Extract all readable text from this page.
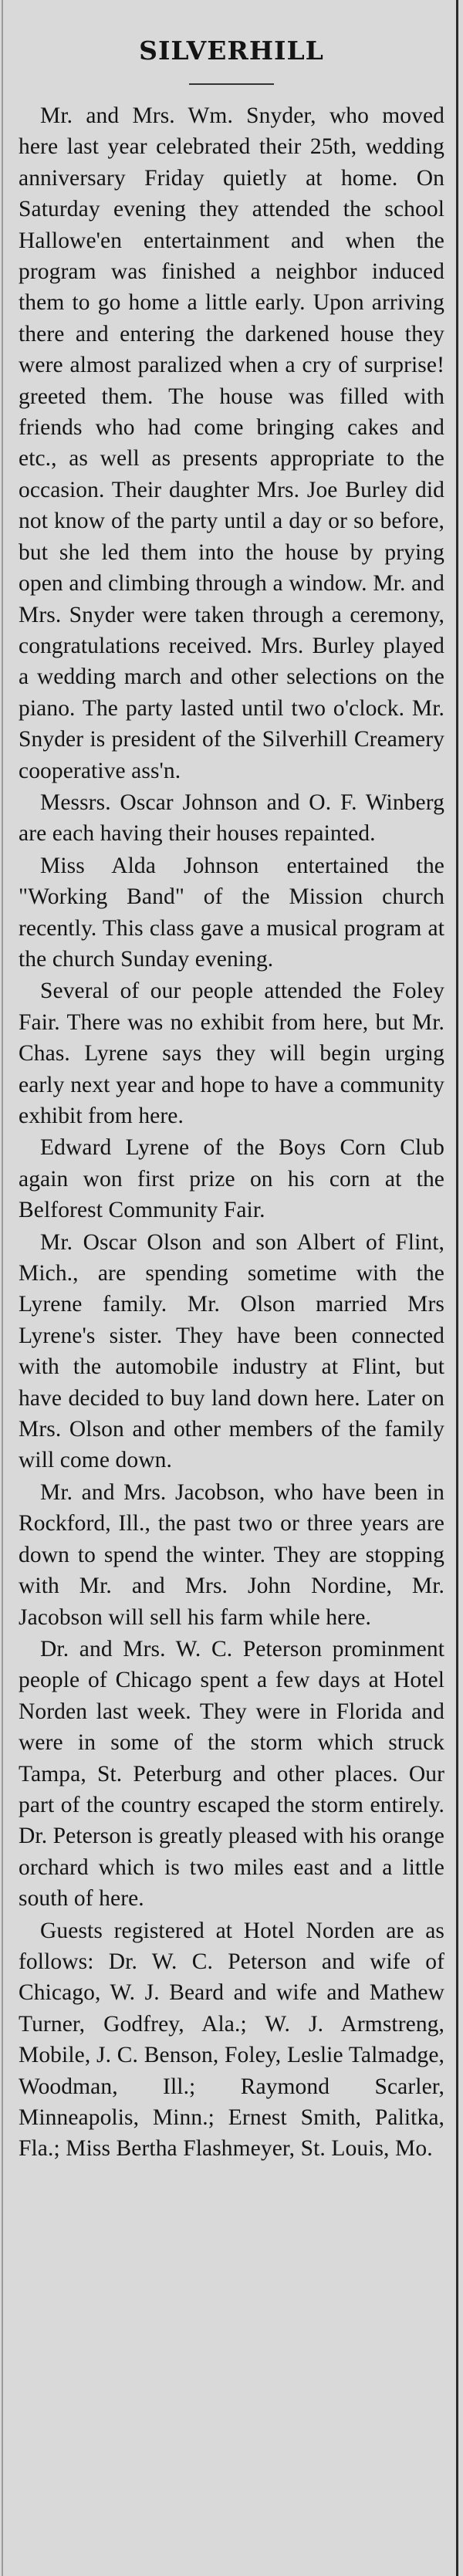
SILVERHILL

Mr. and Mrs. Wm. Snyder, who moved here last year celebrated their 25th, wedding anniversary Friday quietly at home. On Saturday evening they attended the school Hallowe'en entertainment and when the program was finished a neighbor induced them to go home a little early. Upon arriving there and entering the darkened house they were almost paralized when a cry of surprise! greeted them. The house was filled with friends who had come bringing cakes and etc., as well as presents appropriate to the occasion. Their daughter Mrs. Joe Burley did not know of the party until a day or so before, but she led them into the house by prying open and climbing through a window. Mr. and Mrs. Snyder were taken through a ceremony, congratulations received. Mrs. Burley played a wedding march and other selections on the piano. The party lasted until two o'clock. Mr. Snyder is president of the Silverhill Creamery cooperative ass'n.

Messrs. Oscar Johnson and O. F. Winberg are each having their houses repainted.

Miss Alda Johnson entertained the "Working Band" of the Mission church recently. This class gave a musical program at the church Sunday evening.

Several of our people attended the Foley Fair. There was no exhibit from here, but Mr. Chas. Lyrene says they will begin urging early next year and hope to have a community exhibit from here.

Edward Lyrene of the Boys Corn Club again won first prize on his corn at the Belforest Community Fair.

Mr. Oscar Olson and son Albert of Flint, Mich., are spending sometime with the Lyrene family. Mr. Olson married Mrs Lyrene's sister. They have been connected with the automobile industry at Flint, but have decided to buy land down here. Later on Mrs. Olson and other members of the family will come down.

Mr. and Mrs. Jacobson, who have been in Rockford, Ill., the past two or three years are down to spend the winter. They are stopping with Mr. and Mrs. John Nordine, Mr. Jacobson will sell his farm while here.

Dr. and Mrs. W. C. Peterson prominment people of Chicago spent a few days at Hotel Norden last week. They were in Florida and were in some of the storm which struck Tampa, St. Peterburg and other places. Our part of the country escaped the storm entirely. Dr. Peterson is greatly pleased with his orange orchard which is two miles east and a little south of here.

Guests registered at Hotel Norden are as follows: Dr. W. C. Peterson and wife of Chicago, W. J. Beard and wife and Mathew Turner, Godfrey, Ala.; W. J. Armstreng, Mobile, J. C. Benson, Foley, Leslie Talmadge, Woodman, Ill.; Raymond Scarler, Minneapolis, Minn.; Ernest Smith, Palitka, Fla.; Miss Bertha Flashmeyer, St. Louis, Mo.
